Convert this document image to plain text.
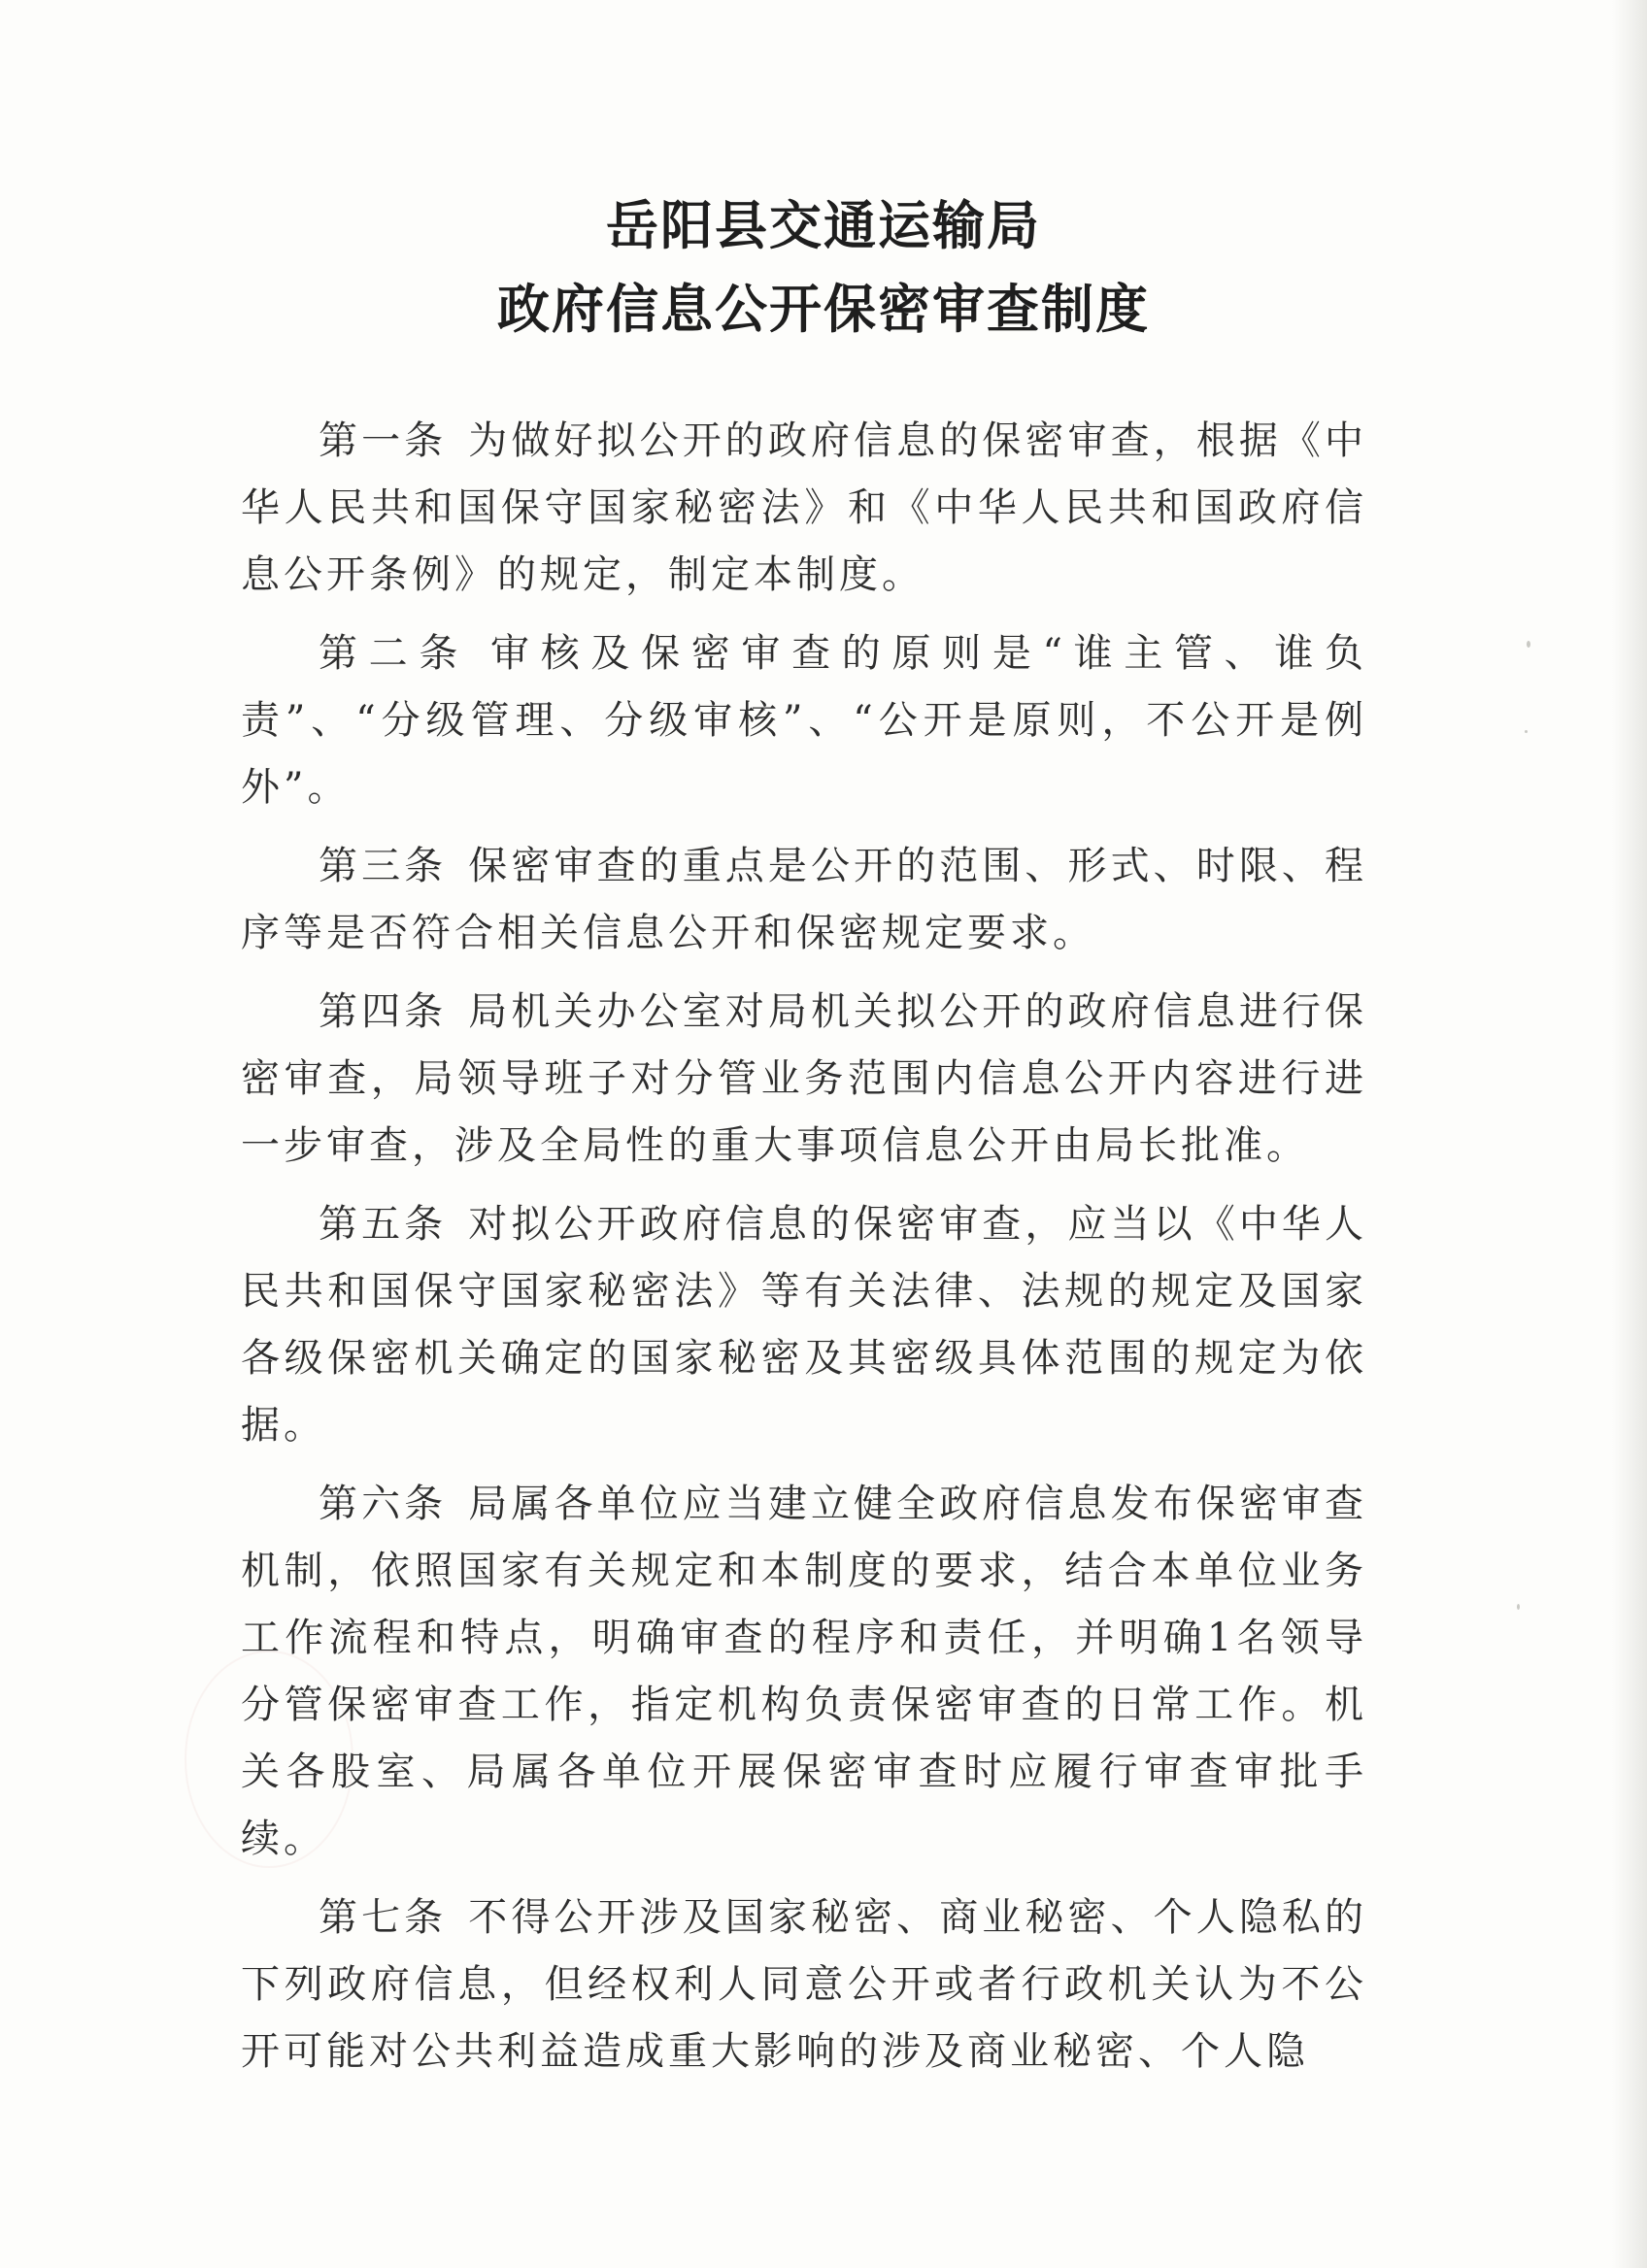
岳阳县交通运输局
政府信息公开保密审查制度

第一条 为做好拟公开的政府信息的保密审查，根据《中华人民共和国保守国家秘密法》和《中华人民共和国政府信息公开条例》的规定，制定本制度。

第二条 审核及保密审查的原则是“谁主管、谁负责”、“分级管理、分级审核”、“公开是原则，不公开是例外”。

第三条 保密审查的重点是公开的范围、形式、时限、程序等是否符合相关信息公开和保密规定要求。

第四条 局机关办公室对局机关拟公开的政府信息进行保密审查，局领导班子对分管业务范围内信息公开内容进行进一步审查，涉及全局性的重大事项信息公开由局长批准。

第五条 对拟公开政府信息的保密审查，应当以《中华人民共和国保守国家秘密法》等有关法律、法规的规定及国家各级保密机关确定的国家秘密及其密级具体范围的规定为依据。

第六条 局属各单位应当建立健全政府信息发布保密审查机制，依照国家有关规定和本制度的要求，结合本单位业务工作流程和特点，明确审查的程序和责任，并明确1名领导分管保密审查工作，指定机构负责保密审查的日常工作。机关各股室、局属各单位开展保密审查时应履行审查审批手续。

第七条 不得公开涉及国家秘密、商业秘密、个人隐私的下列政府信息，但经权利人同意公开或者行政机关认为不公开可能对公共利益造成重大影响的涉及商业秘密、个人隐
